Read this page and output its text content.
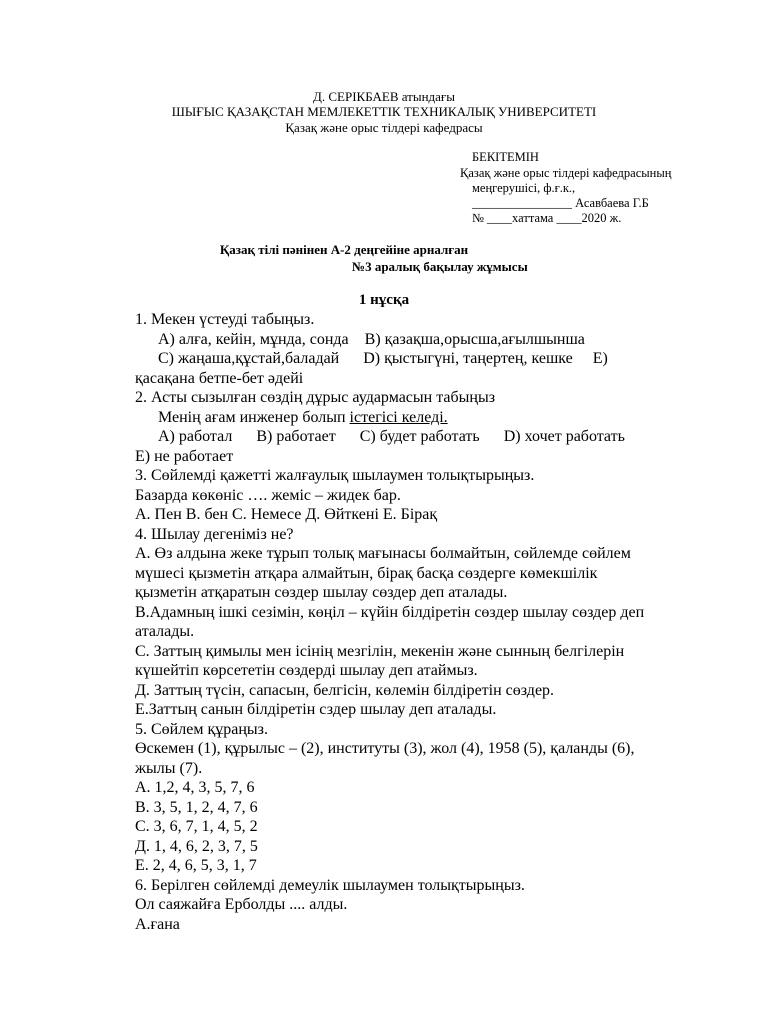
Д. СЕРІКБАЕВ атындағы
ШЫҒЫС ҚАЗАҚСТАН МЕМЛЕКЕТТІК ТЕХНИКАЛЫҚ УНИВЕРСИТЕТІ
Қазақ және орыс тілдері кафедрасы
БЕКІТЕМІН
Қазақ және орыс тілдері кафедрасының
меңгерушісі, ф.ғ.к.,
________________ Асавбаева Г.Б
№ ____хаттама ____2020 ж.
Қазақ тілі пәнінен А-2 деңгейіне арналған
№3 аралық бақылау жұмысы
1 нұсқа
1. Мекен үстеуді табыңыз.
А) алға, кейін, мұнда, сонда В) қазақша,орысша,ағылшынша
С) жаңаша,құстай,баладай D) қыстыгүні, таңертең, кешке E)
қасақана бетпе-бет әдейі
2. Асты сызылған сөздің дұрыс аудармасын табыңыз
Менің ағам инженер болып істегісі келеді.
А) работал В) работает С) будет работать D) хочет работать
Е) не работает
3. Сөйлемді қажетті жалғаулық шылаумен толықтырыңыз.
Базарда көкөніс …. жеміс – жидек бар.
А. Пен В. бен С. Немесе Д. Өйткені Е. Бірақ
4. Шылау дегеніміз не?
А. Өз алдына жеке тұрып толық мағынасы болмайтын, сөйлемде сөйлем
мүшесі қызметін атқара алмайтын, бірақ басқа сөздерге көмекшілік
қызметін атқаратын сөздер шылау сөздер деп аталады.
В.Адамның ішкі сезімін, көңіл – күйін білдіретін сөздер шылау сөздер деп
аталады.
С. Заттың қимылы мен ісінің мезгілін, мекенін және сынның белгілерін
күшейтіп көрсететін сөздерді шылау деп атаймыз.
Д. Заттың түсін, сапасын, белгісін, көлемін білдіретін сөздер.
Е.Заттың санын білдіретін сздер шылау деп аталады.
5. Сөйлем құраңыз.
Өскемен (1), құрылыс – (2), институты (3), жол (4), 1958 (5), қаланды (6),
жылы (7).
А. 1,2, 4, 3, 5, 7, 6
В. 3, 5, 1, 2, 4, 7, 6
С. 3, 6, 7, 1, 4, 5, 2
Д. 1, 4, 6, 2, 3, 7, 5
Е. 2, 4, 6, 5, 3, 1, 7
6. Берілген сөйлемді демеулік шылаумен толықтырыңыз.
Ол саяжайға Ерболды .... алды.
А.ғана
